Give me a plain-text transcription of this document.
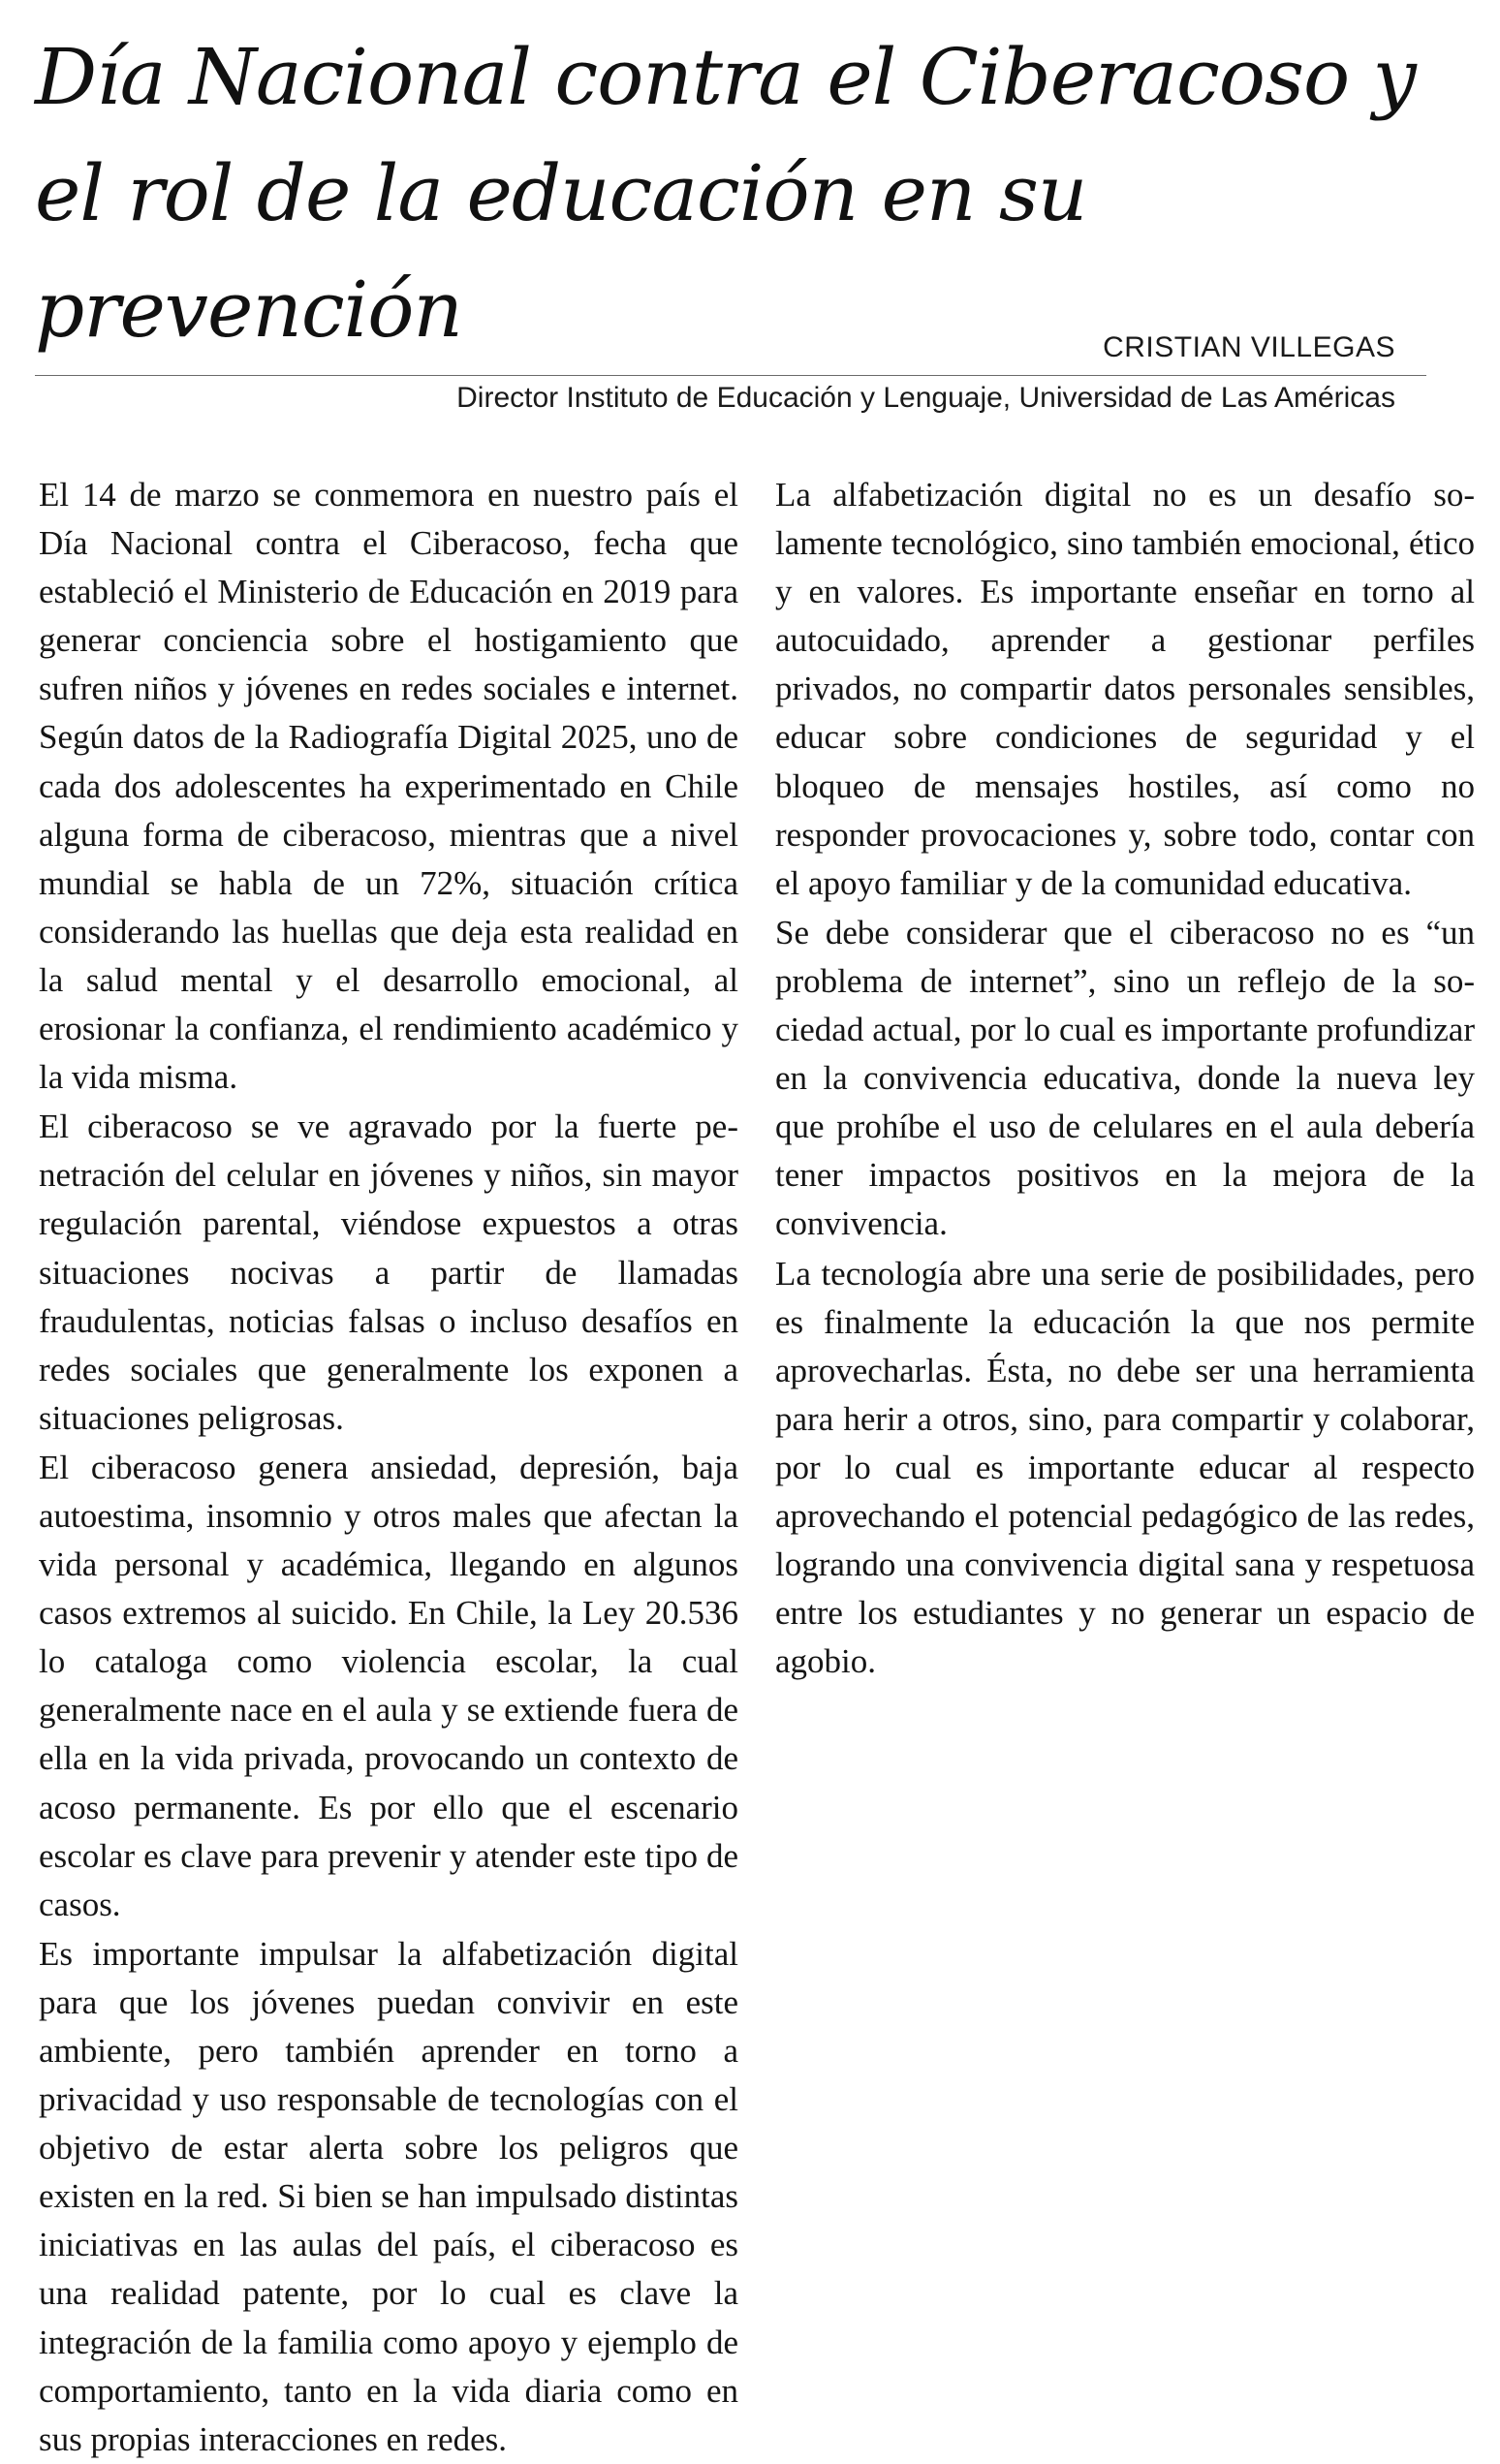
Día Nacional contra el Ciberacoso y el rol de la educación en su prevención	CRISTIAN VILLEGAS
Director Instituto de Educación y Lenguaje, Universidad de Las Américas

El 14 de marzo se conmemora en nuestro país el Día Nacional contra el Ciberacoso, fecha que estableció el Ministerio de Educación en 2019 para generar conciencia sobre el hostigamiento que sufren niños y jóvenes en redes sociales e internet. Según datos de la Radiografía Digital 2025, uno de cada dos adolescentes ha experimentado en Chile alguna forma de ciberacoso, mientras que a nivel mundial se habla de un 72%, situación crítica considerando las huellas que deja esta realidad en la salud mental y el desarrollo emocional, al erosionar la confianza, el rendimiento académico y la vida misma.

El ciberacoso se ve agravado por la fuerte penetración del celular en jóvenes y niños, sin mayor regulación parental, viéndose expuestos a otras situaciones nocivas a partir de llamadas fraudulentas, noticias falsas o incluso desafíos en redes sociales que generalmente los exponen a situaciones peligrosas.

El ciberacoso genera ansiedad, depresión, baja autoestima, insomnio y otros males que afectan la vida personal y académica, llegando en algunos casos extremos al suicido. En Chile, la Ley 20.536 lo cataloga como violencia escolar, la cual generalmente nace en el aula y se extiende fuera de ella en la vida privada, provocando un contexto de acoso permanente. Es por ello que el escenario escolar es clave para prevenir y atender este tipo de casos.

Es importante impulsar la alfabetización digital para que los jóvenes puedan convivir en este ambiente, pero también aprender en torno a privacidad y uso responsable de tecnologías con el objetivo de estar alerta sobre los peligros que existen en la red. Si bien se han impulsado distintas iniciativas en las aulas del país, el ciberacoso es una realidad patente, por lo cual es clave la integración de la familia como apoyo y ejemplo de comportamiento, tanto en la vida diaria como en sus propias interacciones en redes.

La alfabetización digital no es un desafío solamente tecnológico, sino también emocional, ético y en valores. Es importante enseñar en torno al autocuidado, aprender a gestionar perfiles privados, no compartir datos personales sensibles, educar sobre condiciones de seguridad y el bloqueo de mensajes hostiles, así como no responder provocaciones y, sobre todo, contar con el apoyo familiar y de la comunidad educativa.

Se debe considerar que el ciberacoso no es “un problema de internet”, sino un reflejo de la sociedad actual, por lo cual es importante profundizar en la convivencia educativa, donde la nueva ley que prohíbe el uso de celulares en el aula debería tener impactos positivos en la mejora de la convivencia.

La tecnología abre una serie de posibilidades, pero es finalmente la educación la que nos permite aprovecharlas. Ésta, no debe ser una herramienta para herir a otros, sino, para compartir y colaborar, por lo cual es importante educar al respecto aprovechando el potencial pedagógico de las redes, logrando una convivencia digital sana y respetuosa entre los estudiantes y no generar un espacio de agobio.
